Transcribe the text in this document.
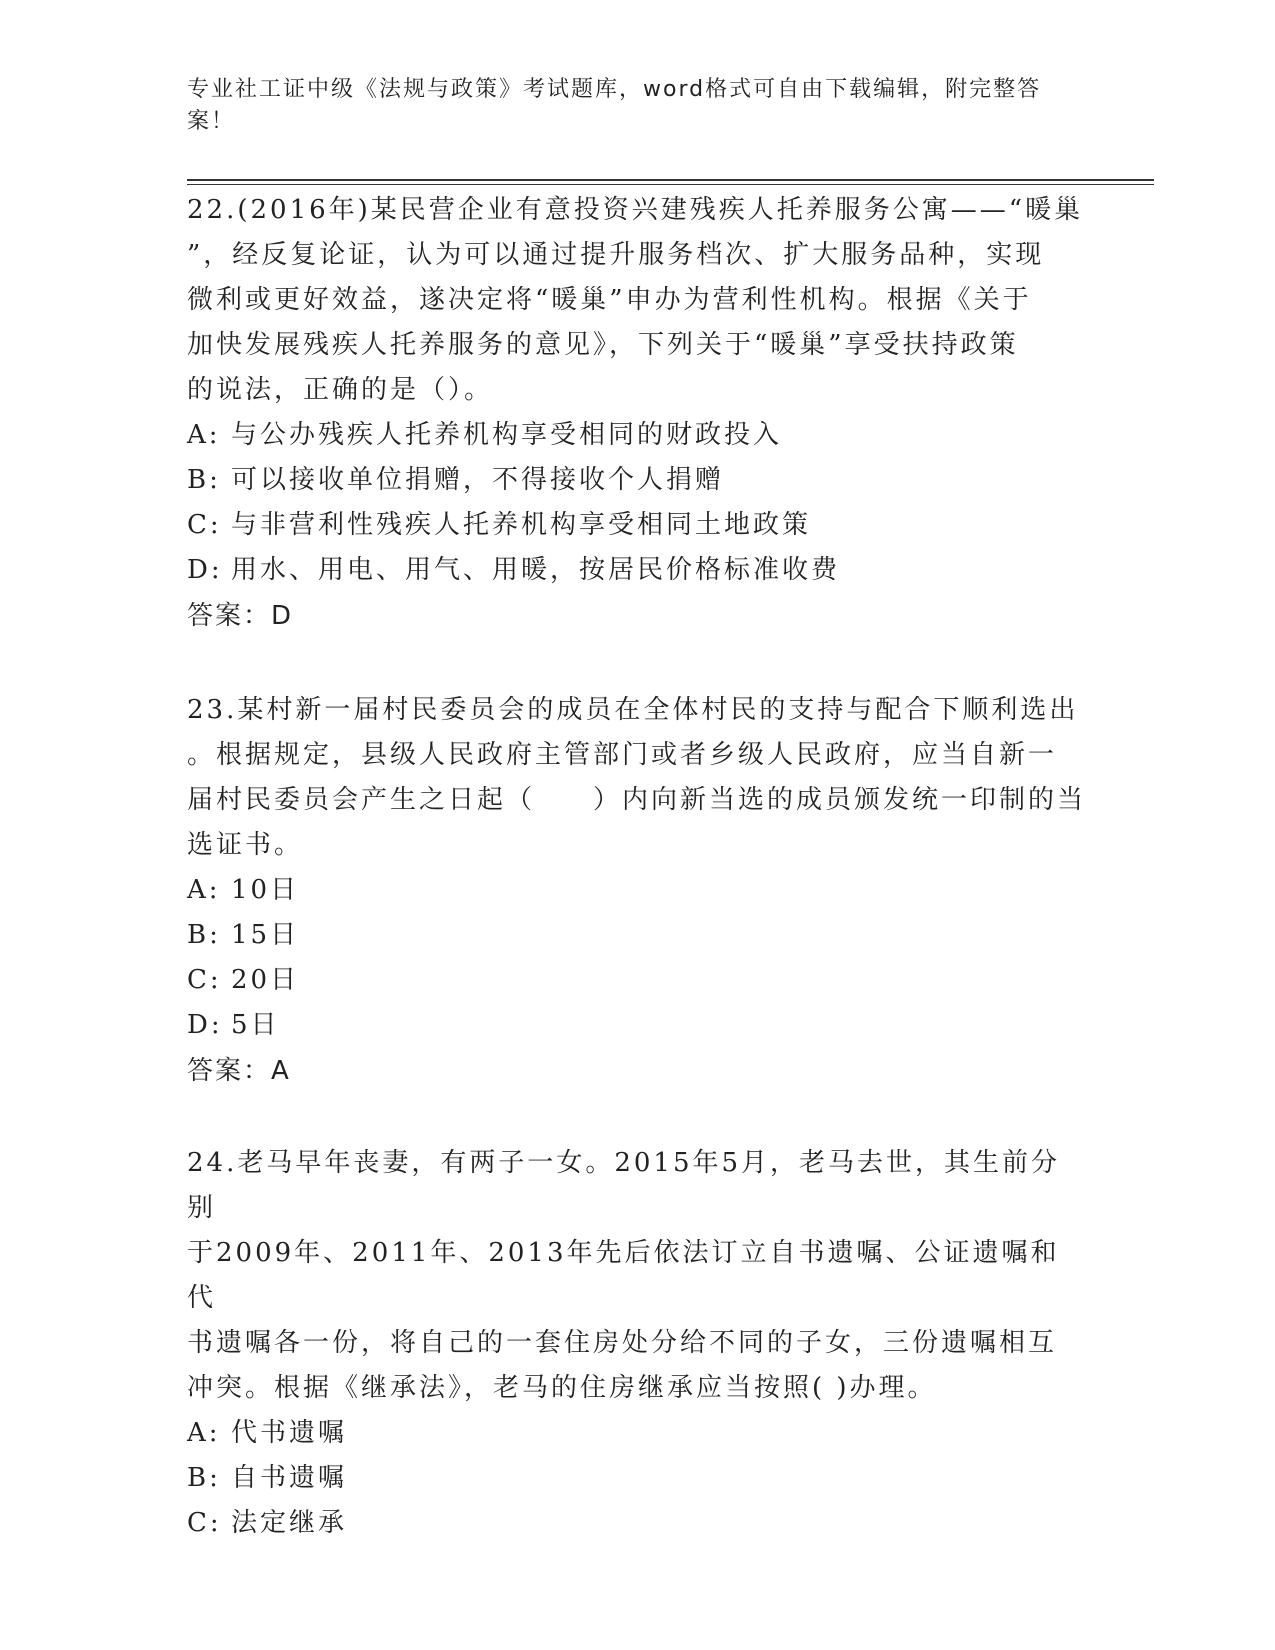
专业社工证中级《法规与政策》考试题库，word格式可自由下载编辑，附完整答案！

22.(2016年)某民营企业有意投资兴建残疾人托养服务公寓——“暖巢
”，经反复论证，认为可以通过提升服务档次、扩大服务品种，实现
微利或更好效益，遂决定将“暖巢”申办为营利性机构。根据《关于
加快发展残疾人托养服务的意见》，下列关于“暖巢”享受扶持政策
的说法，正确的是（）。

A: 与公办残疾人托养机构享受相同的财政投入

B: 可以接收单位捐赠，不得接收个人捐赠

C: 与非营利性残疾人托养机构享受相同土地政策

D: 用水、用电、用气、用暖，按居民价格标准收费

答案：D

23.某村新一届村民委员会的成员在全体村民的支持与配合下顺利选出
。根据规定，县级人民政府主管部门或者乡级人民政府，应当自新一
届村民委员会产生之日起（　　）内向新当选的成员颁发统一印制的当
选证书。

A: 10日

B: 15日

C: 20日

D: 5日

答案：A

24.老马早年丧妻，有两子一女。2015年5月，老马去世，其生前分别
于2009年、2011年、2013年先后依法订立自书遗嘱、公证遗嘱和代
书遗嘱各一份，将自己的一套住房处分给不同的子女，三份遗嘱相互
冲突。根据《继承法》，老马的住房继承应当按照( )办理。

A: 代书遗嘱

B: 自书遗嘱

C: 法定继承
